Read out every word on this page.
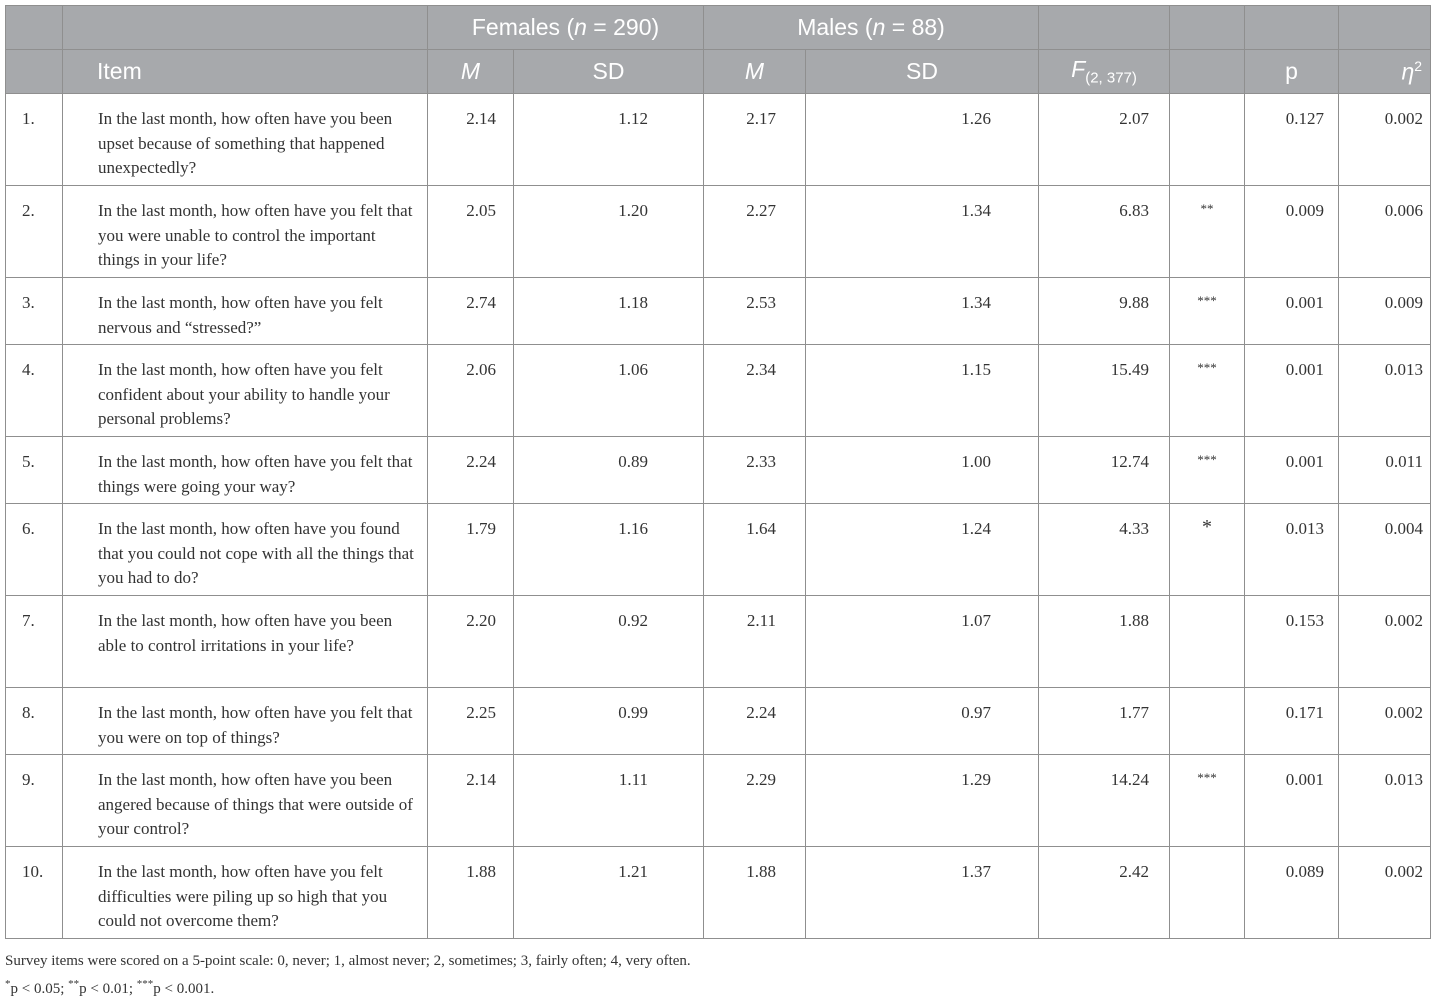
		Females (n = 290)		Males (n = 88)					
	Item	M	SD	M	SD	$F_{(2, 377)}$		p	$\eta^2$

1.	In the last month, how often have you been upset because of something that happened unexpectedly?	2.14	1.12	2.17	1.26	2.07		0.127	0.002

2.	In the last month, how often have you felt that you were unable to control the important things in your life?	2.05	1.20	2.27	1.34	6.83	**	0.009	0.006

3.	In the last month, how often have you felt nervous and “stressed?”	2.74	1.18	2.53	1.34	9.88	***	0.001	0.009

4.	In the last month, how often have you felt confident about your ability to handle your personal problems?	2.06	1.06	2.34	1.15	15.49	***	0.001	0.013

5.	In the last month, how often have you felt that things were going your way?	2.24	0.89	2.33	1.00	12.74	***	0.001	0.011

6.	In the last month, how often have you found that you could not cope with all the things that you had to do?	1.79	1.16	1.64	1.24	4.33	*	0.013	0.004

7.	In the last month, how often have you been able to control irritations in your life?	2.20	0.92	2.11	1.07	1.88		0.153	0.002

8.	In the last month, how often have you felt that you were on top of things?	2.25	0.99	2.24	0.97	1.77		0.171	0.002

9.	In the last month, how often have you been angered because of things that were outside of your control?	2.14	1.11	2.29	1.29	14.24	***	0.001	0.013

10.	In the last month, how often have you felt difficulties were piling up so high that you could not overcome them?	1.88	1.21	1.88	1.37	2.42		0.089	0.002
Survey items were scored on a 5-point scale: 0, never; 1, almost never; 2, sometimes; 3, fairly often; 4, very often.
*p < 0.05; **p < 0.01; ***p < 0.001.
